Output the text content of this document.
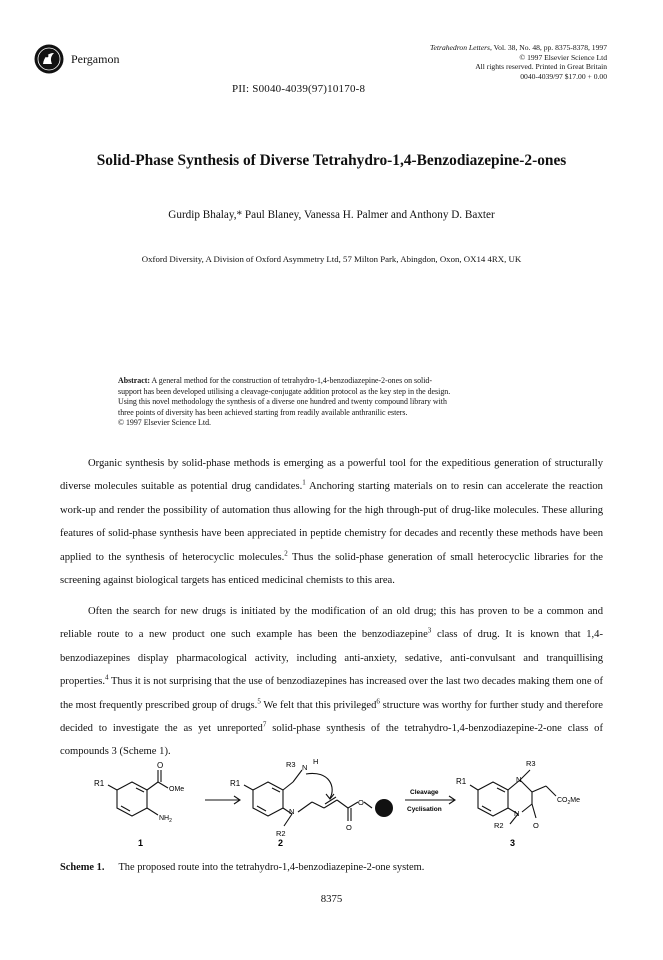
Pergamon
PII: S0040-4039(97)10170-8
Tetrahedron Letters, Vol. 38, No. 48, pp. 8375-8378, 1997
© 1997 Elsevier Science Ltd
All rights reserved. Printed in Great Britain
0040-4039/97 $17.00 + 0.00
Solid-Phase Synthesis of Diverse Tetrahydro-1,4-Benzodiazepine-2-ones
Gurdip Bhalay,* Paul Blaney, Vanessa H. Palmer and Anthony D. Baxter
Oxford Diversity, A Division of Oxford Asymmetry Ltd, 57 Milton Park, Abingdon, Oxon, OX14 4RX, UK
Abstract: A general method for the construction of tetrahydro-1,4-benzodiazepine-2-ones on solid-
support has been developed utilising a cleavage-conjugate addition protocol as the key step in the design.
Using this novel methodology the synthesis of a diverse one hundred and twenty compound library with
three points of diversity has been achieved starting from readily available anthranilic esters.
© 1997 Elsevier Science Ltd.

Organic synthesis by solid-phase methods is emerging as a powerful tool for the expeditious generation of structurally diverse molecules suitable as potential drug candidates.$^1$ Anchoring starting materials on to resin can accelerate the reaction work-up and render the possibility of automation thus allowing for the high through-put of drug-like molecules. These alluring features of solid-phase synthesis have been appreciated in peptide chemistry for decades and recently these methods have been applied to the synthesis of heterocyclic molecules.$^2$ Thus the solid-phase generation of small heterocyclic libraries for the screening against biological targets has enticed medicinal chemists to this area.

Often the search for new drugs is initiated by the modification of an old drug; this has proven to be a common and reliable route to a new product one such example has been the benzodiazepine$^3$ class of drug. It is known that 1,4-benzodiazepines display pharmacological activity, including anti-anxiety, sedative, anti-convulsant and tranquillising properties.$^4$ Thus it is not surprising that the use of benzodiazepines has increased over the last two decades making them one of the most frequently prescribed group of drugs.$^5$ We felt that this privileged$^6$ structure was worthy for further study and therefore decided to investigate the as yet unreported$^7$ solid-phase synthesis of the tetrahydro-1,4-benzodiazepine-2-one class of compounds 3 (Scheme 1).

R1
O
OMe
$NH_2$
1
R1
R3 N
H
N
R2
O
O
2
Cleavage
Cyclisation
R1
R3
N
N
R2	O
$CO_2Me$
3
Scheme 1. The proposed route into the tetrahydro-1,4-benzodiazepine-2-one system.
8375
